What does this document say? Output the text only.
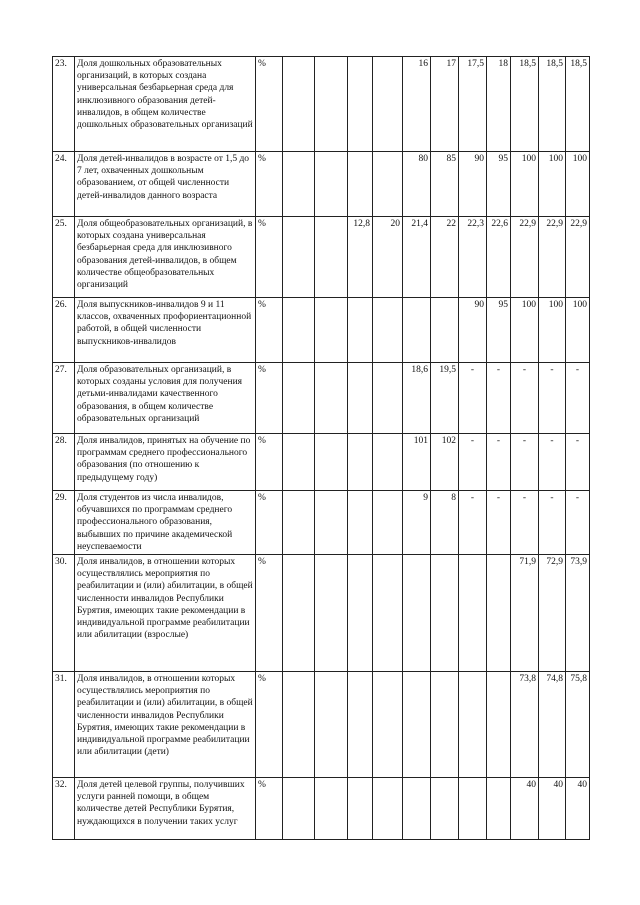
23.	Доля дошкольных образовательных организаций, в которых создана универсальная безбарьерная среда для инклюзивного образования детей-инвалидов, в общем количестве дошкольных образовательных организаций	%					16	17	17,5	18	18,5	18,5	18,5
24.	Доля детей-инвалидов в возрасте от 1,5 до 7 лет, охваченных дошкольным образованием, от общей численности детей-инвалидов данного возраста	%					80	85	90	95	100	100	100
25.	Доля общеобразовательных организаций, в которых создана универсальная безбарьерная среда для инклюзивного образования детей-инвалидов, в общем количестве общеобразовательных организаций	%			12,8	20	21,4	22	22,3	22,6	22,9	22,9	22,9
26.	Доля выпускников-инвалидов 9 и 11 классов, охваченных профориентационной работой, в общей численности выпускников-инвалидов	%							90	95	100	100	100
27.	Доля образовательных организаций, в которых созданы условия для получения детьми-инвалидами качественного образования, в общем количестве образовательных организаций	%					18,6	19,5	-	-	-	-	-
28.	Доля инвалидов, принятых на обучение по программам среднего профессионального образования (по отношению к предыдущему году)	%					101	102	-	-	-	-	-
29.	Доля студентов из числа инвалидов, обучавшихся по программам среднего профессионального образования, выбывших по причине академической неуспеваемости	%					9	8	-	-	-	-	-
30.	Доля инвалидов, в отношении которых осуществлялись мероприятия по реабилитации и (или) абилитации, в общей численности инвалидов Республики Бурятия, имеющих такие рекомендации в индивидуальной программе реабилитации или абилитации (взрослые)	%									71,9	72,9	73,9
31.	Доля инвалидов, в отношении которых осуществлялись мероприятия по реабилитации и (или) абилитации, в общей численности инвалидов Республики Бурятия, имеющих такие рекомендации в индивидуальной программе реабилитации или абилитации (дети)	%									73,8	74,8	75,8
32.	Доля детей целевой группы, получивших услуги ранней помощи, в общем количестве детей Республики Бурятия, нуждающихся в получении таких услуг	%									40	40	40
